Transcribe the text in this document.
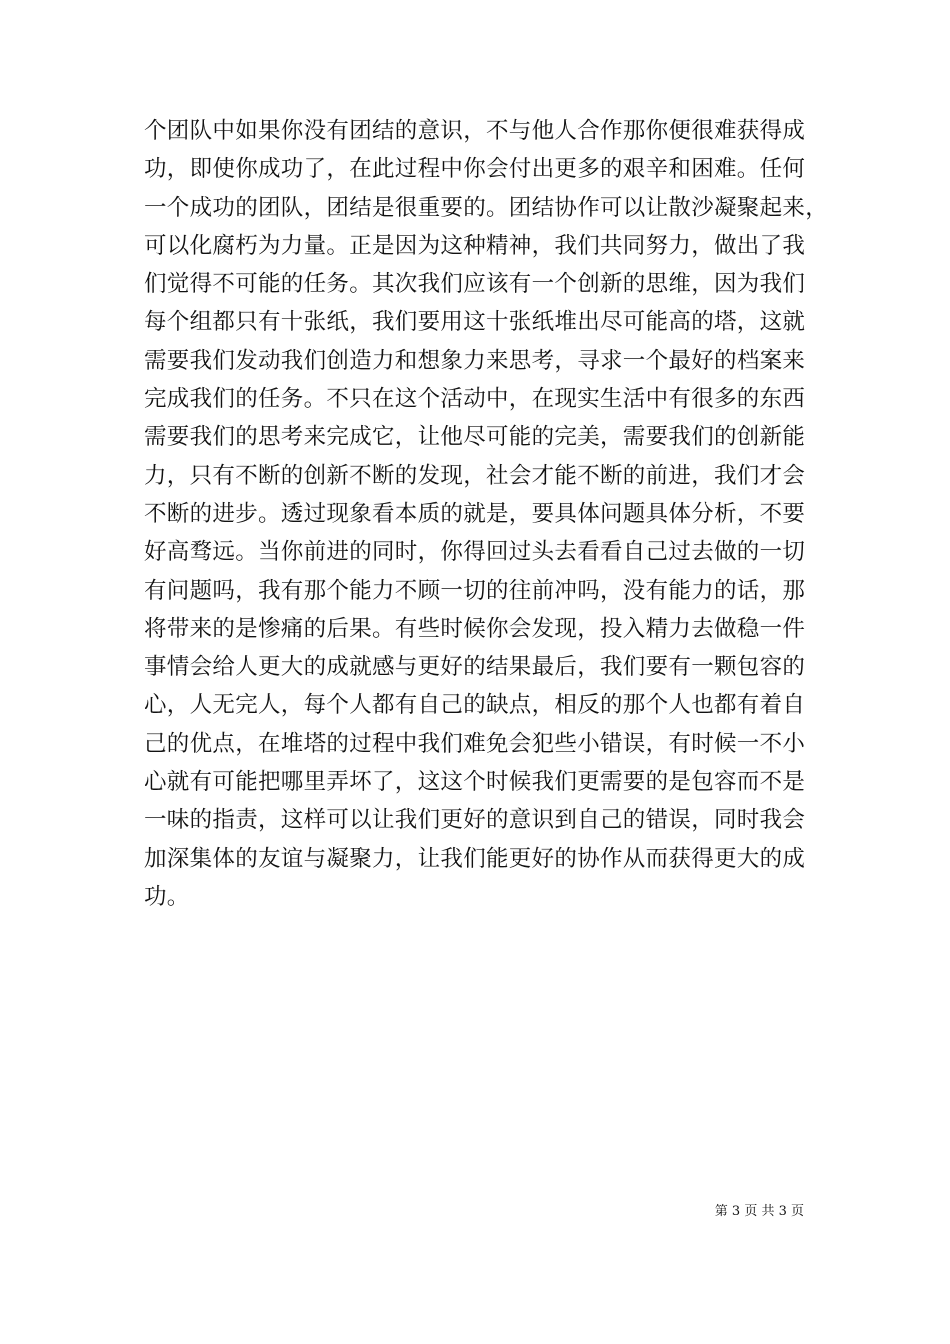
个团队中如果你没有团结的意识，不与他人合作那你便很难获得成
功，即使你成功了，在此过程中你会付出更多的艰辛和困难。任何
一个成功的团队，团结是很重要的。团结协作可以让散沙凝聚起来，
可以化腐朽为力量。正是因为这种精神，我们共同努力，做出了我
们觉得不可能的任务。其次我们应该有一个创新的思维，因为我们
每个组都只有十张纸，我们要用这十张纸堆出尽可能高的塔，这就
需要我们发动我们创造力和想象力来思考，寻求一个最好的档案来
完成我们的任务。不只在这个活动中，在现实生活中有很多的东西
需要我们的思考来完成它，让他尽可能的完美，需要我们的创新能
力，只有不断的创新不断的发现，社会才能不断的前进，我们才会
不断的进步。透过现象看本质的就是，要具体问题具体分析，不要
好高骛远。当你前进的同时，你得回过头去看看自己过去做的一切
有问题吗，我有那个能力不顾一切的往前冲吗，没有能力的话，那
将带来的是惨痛的后果。有些时候你会发现，投入精力去做稳一件
事情会给人更大的成就感与更好的结果最后，我们要有一颗包容的
心，人无完人，每个人都有自己的缺点，相反的那个人也都有着自
己的优点，在堆塔的过程中我们难免会犯些小错误，有时候一不小
心就有可能把哪里弄坏了，这这个时候我们更需要的是包容而不是
一味的指责，这样可以让我们更好的意识到自己的错误，同时我会
加深集体的友谊与凝聚力，让我们能更好的协作从而获得更大的成
功。
第 3 页 共 3 页
